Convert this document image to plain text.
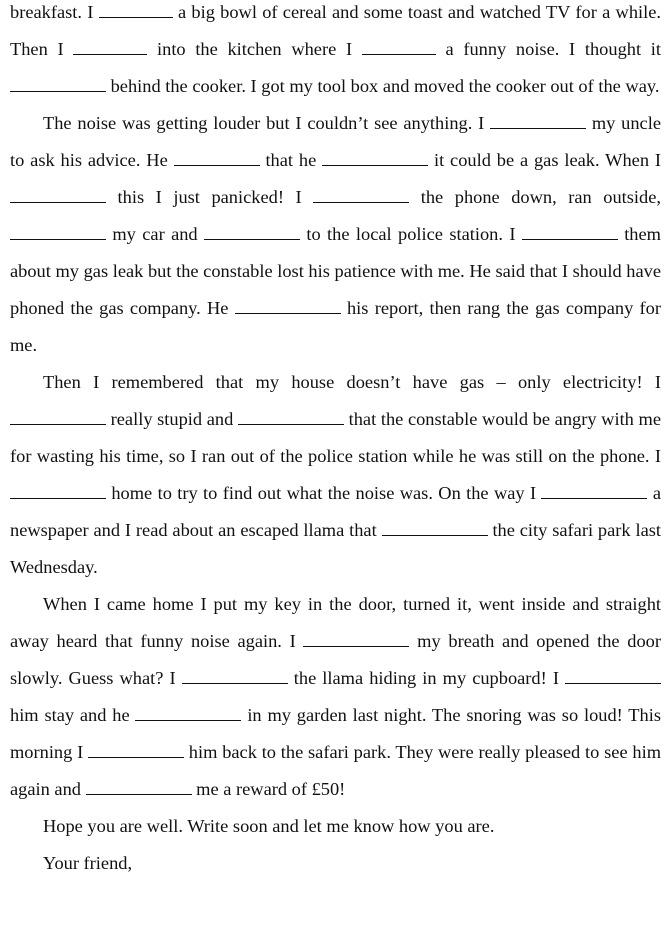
breakfast. I	a big bowl of cereal and some toast and watched TV for a while. Then I	into the kitchen where I	a funny noise. I thought it  behind the cooker. I got my tool box and moved the cooker out of the way.

The noise was getting louder but I couldn’t see anything. I	my uncle to ask his advice. He	that he	it could be a gas leak. When I  this I just panicked! I	the phone down, ran outside,  my car and	to the local police station. I	them about my gas leak but the constable lost his patience with me. He said that I should have phoned the gas company. He	his report, then rang the gas company for me.

Then I remembered that my house doesn’t have gas – only electricity! I  really stupid and	that the constable would be angry with me for wasting his time, so I ran out of the police station while he was still on the phone. I  home to try to find out what the noise was. On the way I	a newspaper and I read about an escaped llama that	the city safari park last Wednesday.

When I came home I put my key in the door, turned it, went inside and straight away heard that funny noise again. I	my breath and opened the door slowly. Guess what? I	the llama hiding in my cupboard! I  him stay and he	in my garden last night. The snoring was so loud! This morning I	him back to the safari park. They were really pleased to see him again and	me a reward of £50!

Hope you are well. Write soon and let me know how you are.

Your friend,
